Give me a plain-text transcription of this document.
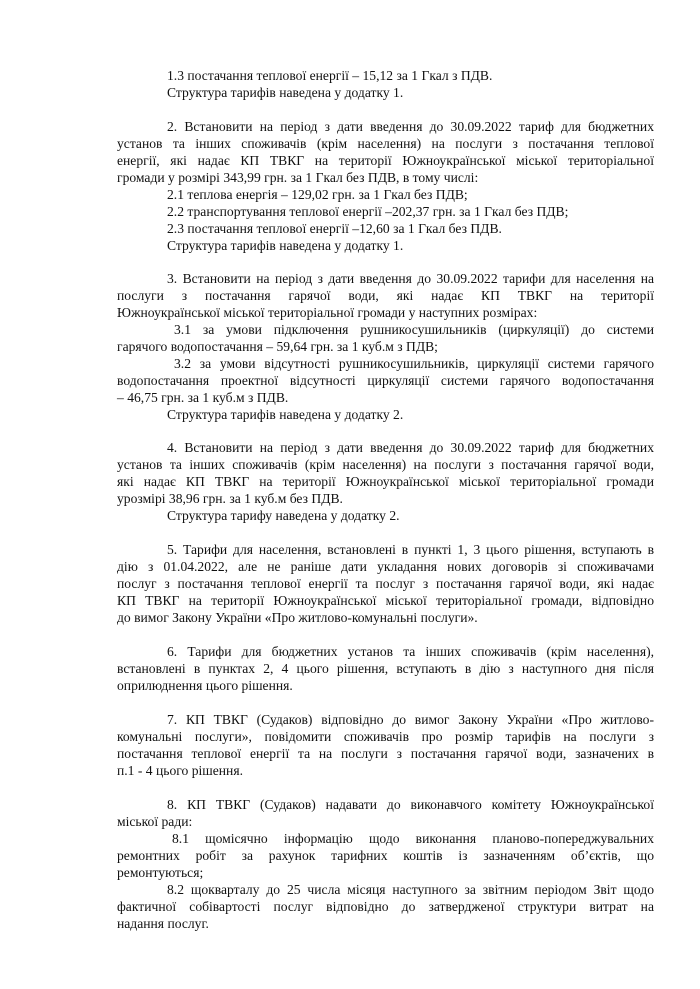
1.3 постачання теплової енергії – 15,12 за 1 Гкал з ПДВ.
Структура тарифів наведена у додатку 1.
2. Встановити на період з дати введення до 30.09.2022 тариф для бюджетних
установ та інших споживачів (крім населення) на послуги з постачання теплової
енергії, які надає КП ТВКГ на території Южноукраїнської міської територіальної
громади у розмірі 343,99 грн. за 1 Гкал без ПДВ, в тому числі:
2.1 теплова енергія – 129,02 грн. за 1 Гкал без ПДВ;
2.2 транспортування теплової енергії –202,37 грн. за 1 Гкал без ПДВ;
2.3 постачання теплової енергії –12,60 за 1 Гкал без ПДВ.
Структура тарифів наведена у додатку 1.
3. Встановити на період з дати введення до 30.09.2022 тарифи для населення на
послуги з постачання гарячої води, які надає КП ТВКГ на території
Южноукраїнської міської територіальної громади у наступних розмірах:
3.1 за умови підключення рушникосушильників (циркуляції) до системи
гарячого водопостачання – 59,64 грн. за 1 куб.м з ПДВ;
3.2 за умови відсутності рушникосушильників, циркуляції системи гарячого
водопостачання проектної відсутності циркуляції системи гарячого водопостачання
– 46,75 грн. за 1 куб.м з ПДВ.
Структура тарифів наведена у додатку 2.
4. Встановити на період з дати введення до 30.09.2022 тариф для бюджетних
установ та інших споживачів (крім населення) на послуги з постачання гарячої води,
які надає КП ТВКГ на території Южноукраїнської міської територіальної громади
урозмірі 38,96 грн. за 1 куб.м без ПДВ.
Структура тарифу наведена у додатку 2.
5. Тарифи для населення, встановлені в пункті 1, 3 цього рішення, вступають в
дію з 01.04.2022, але не раніше дати укладання нових договорів зі споживачами
послуг з постачання теплової енергії та послуг з постачання гарячої води, які надає
КП ТВКГ на території Южноукраїнської міської територіальної громади, відповідно
до вимог Закону України «Про житлово-комунальні послуги».
6. Тарифи для бюджетних установ та інших споживачів (крім населення),
встановлені в пунктах 2, 4 цього рішення, вступають в дію з наступного дня після
оприлюднення цього рішення.
7. КП ТВКГ (Судаков) відповідно до вимог Закону України «Про житлово-
комунальні послуги», повідомити споживачів про розмір тарифів на послуги з
постачання теплової енергії та на послуги з постачання гарячої води, зазначених в
п.1 - 4 цього рішення.
8. КП ТВКГ (Судаков) надавати до виконавчого комітету Южноукраїнської
міської ради:
8.1 щомісячно інформацію щодо виконання планово-попереджувальних
ремонтних робіт за рахунок тарифних коштів із зазначенням об’єктів, що
ремонтуються;
8.2 щокварталу до 25 числа місяця наступного за звітним періодом Звіт щодо
фактичної собівартості послуг відповідно до затвердженої структури витрат на
надання послуг.
